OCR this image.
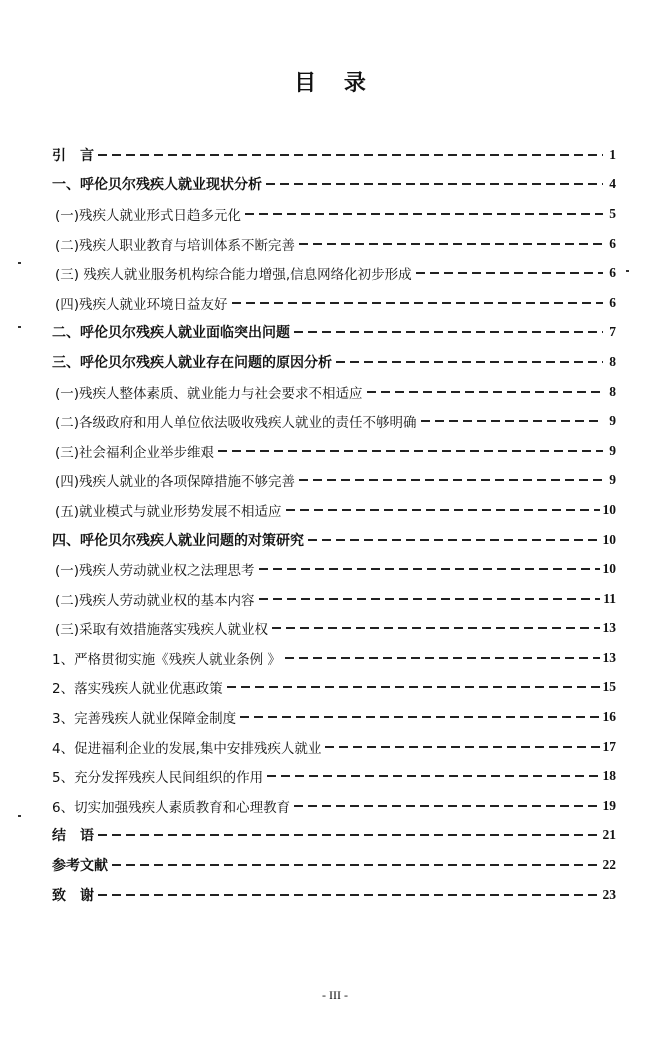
目 录
引　言	1
一、呼伦贝尔残疾人就业现状分析	4
(一)残疾人就业形式日趋多元化	5
(二)残疾人职业教育与培训体系不断完善	6
(三) 残疾人就业服务机构综合能力增强,信息网络化初步形成	6
(四)残疾人就业环境日益友好	6
二、呼伦贝尔残疾人就业面临突出问题	7
三、呼伦贝尔残疾人就业存在问题的原因分析	8
(一)残疾人整体素质、就业能力与社会要求不相适应	8
(二)各级政府和用人单位依法吸收残疾人就业的责任不够明确	9
(三)社会福利企业举步维艰	9
(四)残疾人就业的各项保障措施不够完善	9
(五)就业模式与就业形势发展不相适应	10
四、呼伦贝尔残疾人就业问题的对策研究	10
(一)残疾人劳动就业权之法理思考	10
(二)残疾人劳动就业权的基本内容	11
(三)采取有效措施落实残疾人就业权	13
1、严格贯彻实施《残疾人就业条例 》	13
2、落实残疾人就业优惠政策	15
3、完善残疾人就业保障金制度	16
4、促进福利企业的发展,集中安排残疾人就业	17
5、充分发挥残疾人民间组织的作用	18
6、切实加强残疾人素质教育和心理教育	19
结　语	21
参考文献	22
致　谢	23
- III -
